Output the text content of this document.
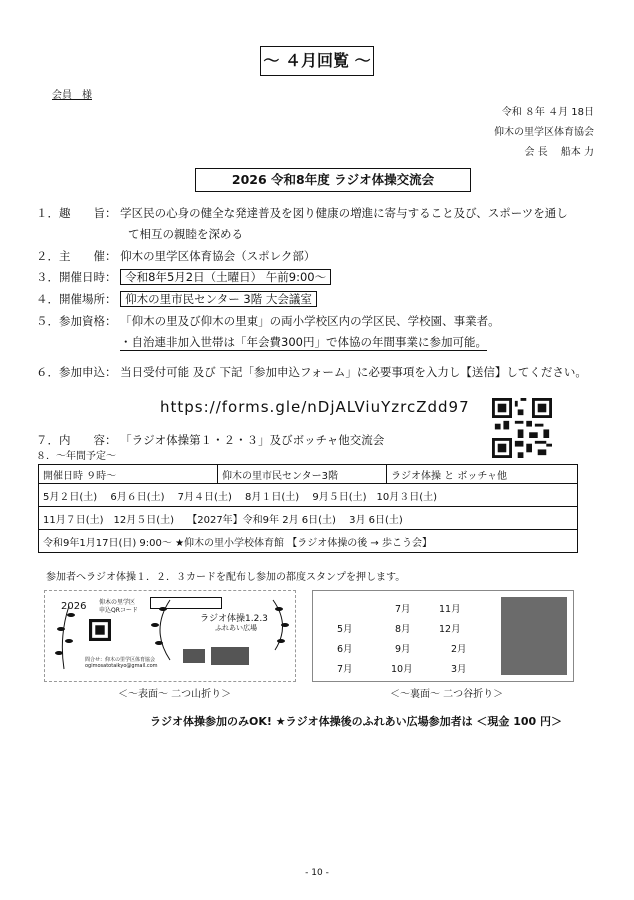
～ ４月回覧 ～
会員　様
令和 ８年 ４月 18日
仰木の里学区体育協会
会 長　 船本 力
2026 令和8年度 ラジオ体操交流会
１．趣　　旨： 学区民の心身の健全な発達普及を図り健康の増進に寄与すること及び、スポーツを通し
て相互の親睦を深める
２．主　　催： 仰木の里学区体育協会（スポレク部）
３．開催日時： 令和8年5月2日（土曜日） 午前9:00～
４．開催場所： 仰木の里市民センター 3階 大会議室
５．参加資格： 「仰木の里及び仰木の里東」の両小学校区内の学区民、学校園、事業者。
・自治連非加入世帯は「年会費300円」で体協の年間事業に参加可能。
６．参加申込： 当日受付可能 及び 下記「参加申込フォーム」に必要事項を入力し【送信】してください。
https://forms.gle/nDjALViuYzrcZdd97
７．内　　容： 「ラジオ体操第１・２・３」及びボッチャ他交流会
８．～年間予定～
開催日時 ９時～	仰木の里市民センター3階	ラジオ体操 と ボッチャ他
5月２日(土)　 6月６日(土)　 7月４日(土)　 8月１日(土)　 9月５日(土)　10月３日(土)
11月７日(土)　12月５日(土)　 【2027年】令和9年 2月 6日(土)　 3月 6日(土)
令和9年1月17日(日) 9:00～ ★仰木の里小学校体育館 【ラジオ体操の後 → 歩こう会】
参加者へラジオ体操１．２．３カードを配布し参加の都度スタンプを押します。
2026 仰木の里学区
申込QRコード
ラジオ体操1.2.3
ふれあい広場
問合せ：仰木の里学区体育協会
ogimosatotaikyo@gmail.com
＜～表面～ 二つ山折り＞
7月	11月
5月	8月	12月
6月	9月	2月
7月	10月	3月
＜～裏面～ 二つ谷折り＞
ラジオ体操参加のみOK! ★ラジオ体操後のふれあい広場参加者は ＜現金 100 円＞
- 10 -
